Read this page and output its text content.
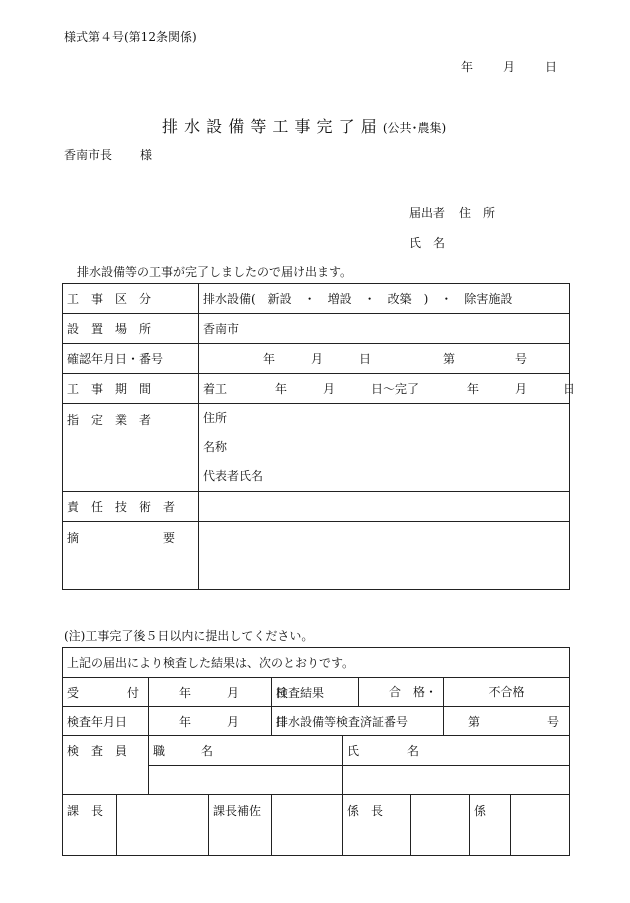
様式第４号(第12条関係)
年 月 日
排水設備等工事完了届(公共･農集)
香南市長 様
届出者 住　所
氏　名
排水設備等の工事が完了しましたので届け出ます。
工　事　区　分	排水設備(　新設　・　増設　・　改築　)　・　除害施設
設　置　場　所	香南市
確認年月日・番号	　　　　　年　　　月　　　日　　　　　　第　　　　　号
工　事　期　間	着工　　　　年　　　月　　　日～完了　　　　年　　　月　　　日
指　定　業　者	住所
名称
代表者氏名

責　任　技　術　者	
摘　　　　　　　要	
(注)工事完了後５日以内に提出してください。
上記の届出により検査した結果は、次のとおりです。									
受　　　　付		年　　　月　　　日		検査結果		合　格・ 不合格			

検査年月日		年　　　月　　　日		排水設備等検査済証番号				第 号	

検　査　員		職　　　名			氏　　　　名				

課　長			課長補佐		係　長		係		
